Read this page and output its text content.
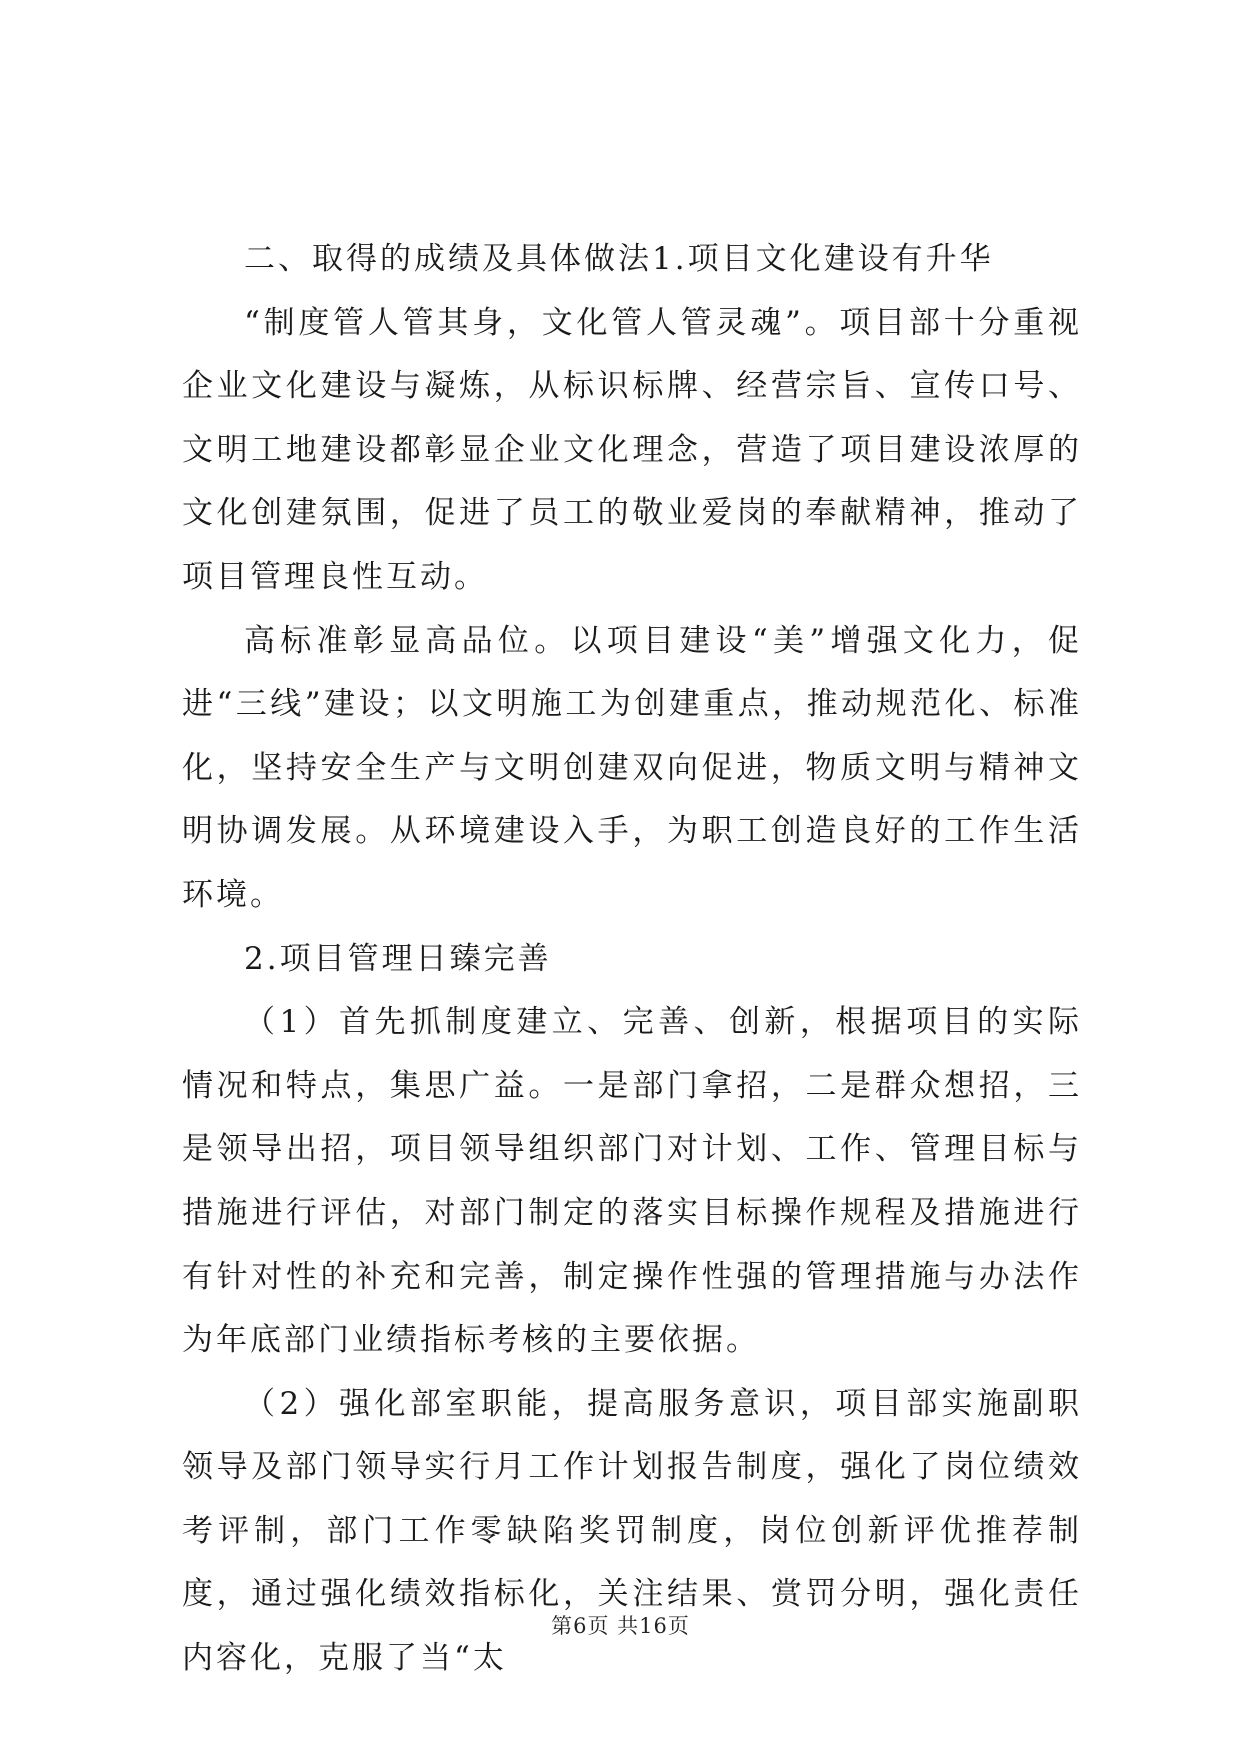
二、取得的成绩及具体做法1.项目文化建设有升华

“制度管人管其身，文化管人管灵魂”。项目部十分重视企业文化建设与凝炼，从标识标牌、经营宗旨、宣传口号、文明工地建设都彰显企业文化理念，营造了项目建设浓厚的文化创建氛围，促进了员工的敬业爱岗的奉献精神，推动了项目管理良性互动。

高标准彰显高品位。以项目建设“美”增强文化力，促进“三线”建设；以文明施工为创建重点，推动规范化、标准化，坚持安全生产与文明创建双向促进，物质文明与精神文明协调发展。从环境建设入手，为职工创造良好的工作生活环境。

2.项目管理日臻完善

（1）首先抓制度建立、完善、创新，根据项目的实际情况和特点，集思广益。一是部门拿招，二是群众想招，三是领导出招，项目领导组织部门对计划、工作、管理目标与措施进行评估，对部门制定的落实目标操作规程及措施进行有针对性的补充和完善，制定操作性强的管理措施与办法作为年底部门业绩指标考核的主要依据。

（2）强化部室职能，提高服务意识，项目部实施副职领导及部门领导实行月工作计划报告制度，强化了岗位绩效考评制，部门工作零缺陷奖罚制度，岗位创新评优推荐制度，通过强化绩效指标化，关注结果、赏罚分明，强化责任内容化，克服了当“太

第6页 共16页
